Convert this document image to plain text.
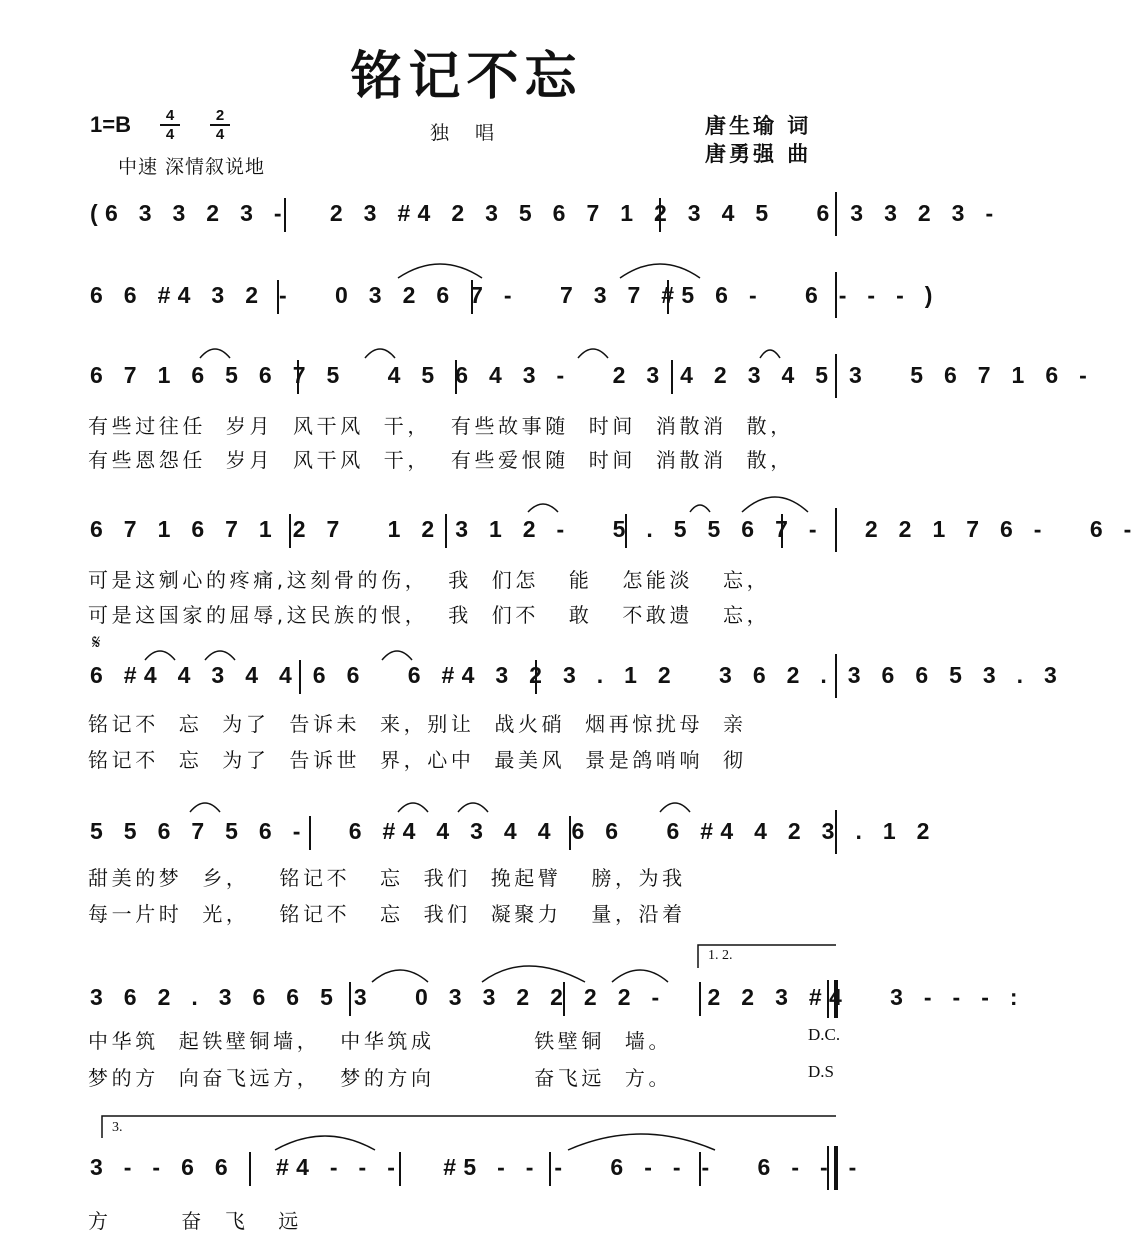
铭记不忘
1=B	4
4
2
4
中速 深情叙说地
独 唱	唐生瑜 词
唐勇强 曲
(6 3 3 2 3 -   2 3 #4 2 3 5 6 7 1 2 3 4 5   6 3 3 2 3 -
6 6 #4 3 2 -   0 3 2 6 7 -   7 3 7 #5 6 -   6 - - - )
6 7 1 6 5 6 7 5   4 5 6 4 3 -   2 3 4 2 3 4 5 3   5 6 7 1 6 -
有些过往任  岁月  风干风  干，  有些故事随  时间  消散消  散，
有些恩怨任  岁月  风干风  干，  有些爱恨随  时间  消散消  散，
6 7 1 6 7 1 2 7   1 2 3 1 2 -   5 . 5 5 6 7 -   2 2 1 7 6 -   6 -
可是这剜心的疼痛,这刻骨的伤，  我  们怎   能   怎能淡   忘，
可是这国家的屈辱,这民族的恨，  我  们不   敢   不敢遗   忘，
𝄋
6 #4 4 3 4 4 6 6   6 #4 3 2 3 . 1 2   3 6 2 . 3 6 6 5 3 . 3
铭记不  忘  为了  告诉未  来，别让  战火硝  烟再惊扰母  亲
铭记不  忘  为了  告诉世  界，心中  最美风  景是鸽哨响  彻
5 5 6 7 5 6 -   6 #4 4 3 4 4 6 6   6 #4 4 2 3 . 1 2
甜美的梦  乡，   铭记不   忘  我们  挽起臂   膀，为我
每一片时  光，   铭记不   忘  我们  凝聚力   量，沿着
1. 2.
3 6 2 . 3 6 6 5 3   0 3 3 2 2 2 2 -   2 2 3 #4   3 - - - :
中华筑  起铁壁铜墙，  中华筑成          铁壁铜  墙。
梦的方  向奋飞远方，  梦的方向          奋飞远  方。
D.C.
D.S
3.
3 - - 6 6   #4 - - -   #5 - - -   6 - - -   6 - - -
方       奋  飞   远
